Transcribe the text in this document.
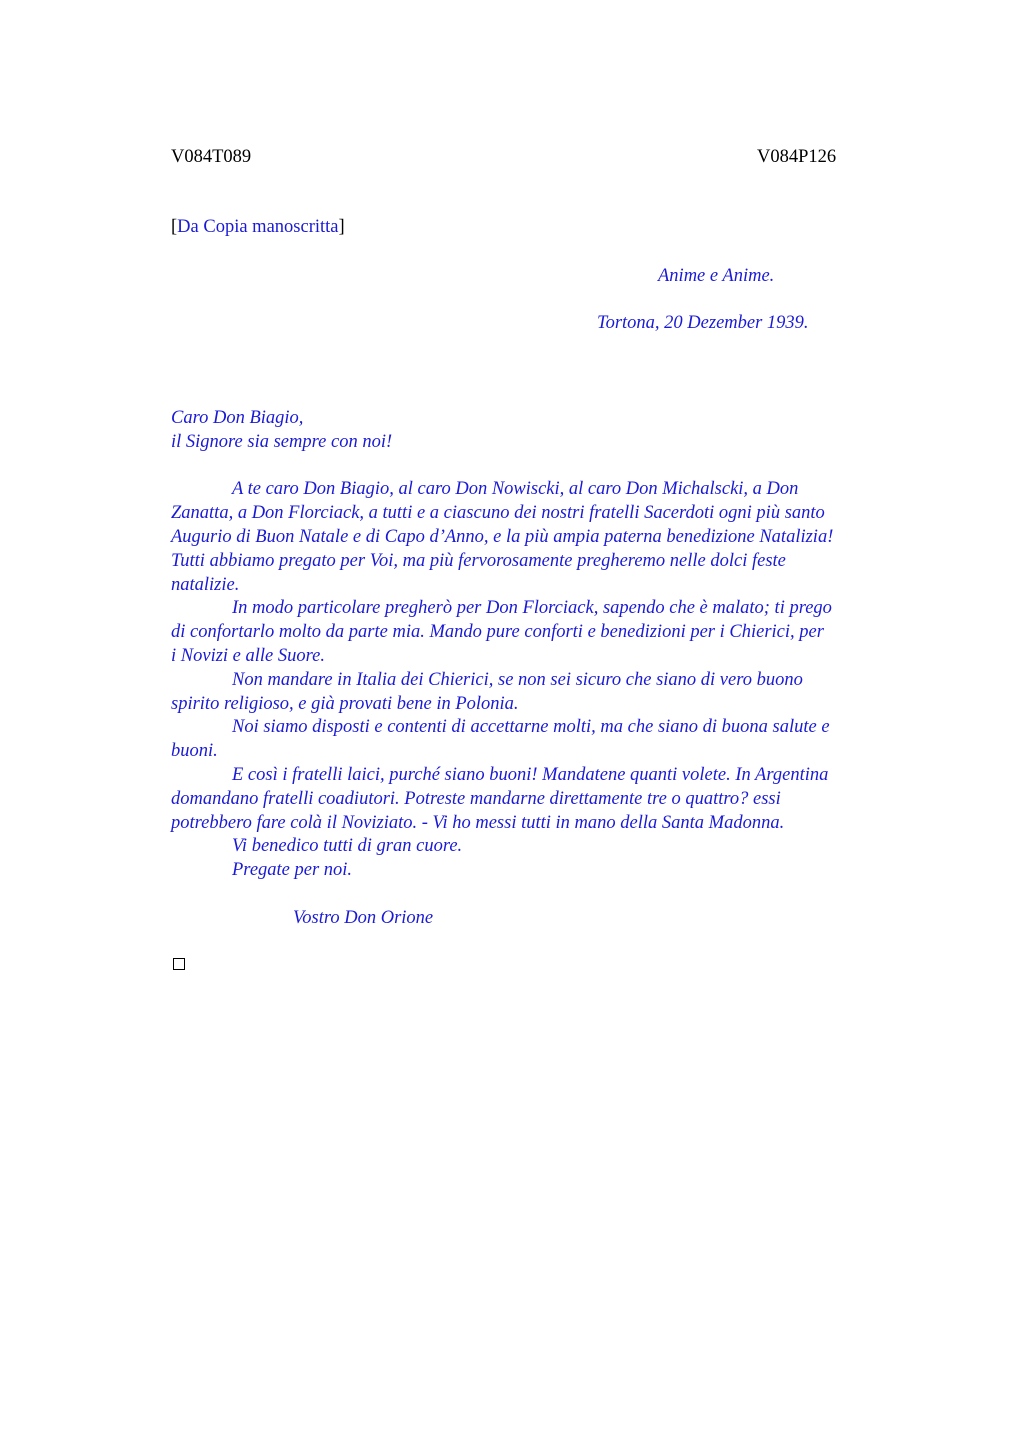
V084T089	V084P126
[Da Copia manoscritta]
Anime e Anime.
Tortona, 20 Dezember 1939.

Caro Don Biagio,

il Signore sia sempre con noi!

A te caro Don Biagio, al caro Don Nowiscki, al caro Don Michalscki, a Don

Zanatta, a Don Florciack, a tutti e a ciascuno dei nostri fratelli Sacerdoti ogni più santo

Augurio di Buon Natale e di Capo d’Anno, e la più ampia paterna benedizione Natalizia!

Tutti abbiamo pregato per Voi, ma più fervorosamente pregheremo nelle dolci feste

natalizie.

In modo particolare pregherò per Don Florciack, sapendo che è malato; ti prego

di confortarlo molto da parte mia. Mando pure conforti e benedizioni per i Chierici, per

i Novizi e alle Suore.

Non mandare in Italia dei Chierici, se non sei sicuro che siano di vero buono

spirito religioso, e già provati bene in Polonia.

Noi siamo disposti e contenti di accettarne molti, ma che siano di buona salute e

buoni.

E così i fratelli laici, purché siano buoni! Mandatene quanti volete. In Argentina

domandano fratelli coadiutori. Potreste mandarne direttamente tre o quattro? essi

potrebbero fare colà il Noviziato. - Vi ho messi tutti in mano della Santa Madonna.

Vi benedico tutti di gran cuore.

Pregate per noi.

Vostro Don Orione
